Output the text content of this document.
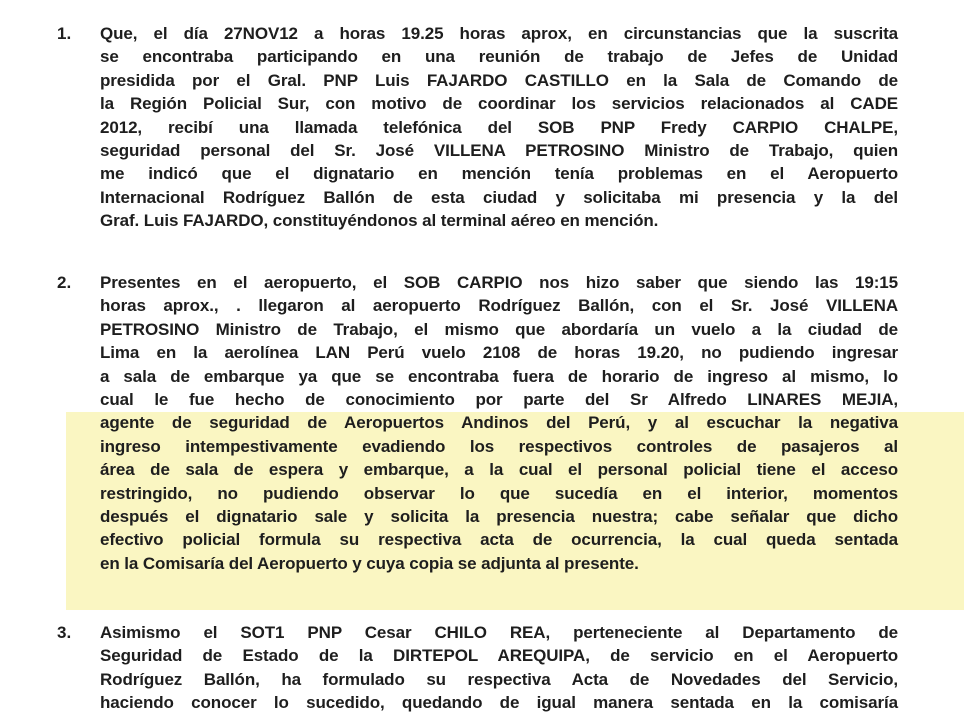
1. Que, el día 27NOV12 a horas 19.25 horas aprox, en circunstancias que la suscrita
se encontraba participando en una reunión de trabajo de Jefes de Unidad
presidida por el Gral. PNP Luis FAJARDO CASTILLO en la Sala de Comando de
la Región Policial Sur, con motivo de coordinar los servicios relacionados al CADE
2012, recibí una llamada telefónica del SOB PNP Fredy CARPIO CHALPE,
seguridad personal del Sr. José VILLENA PETROSINO Ministro de Trabajo, quien
me indicó que el dignatario en mención tenía problemas en el Aeropuerto
Internacional Rodríguez Ballón de esta ciudad y solicitaba mi presencia y la del
Graf. Luis FAJARDO, constituyéndonos al terminal aéreo en mención.
2. Presentes en el aeropuerto, el SOB CARPIO nos hizo saber que siendo las 19:15
horas aprox., . llegaron al aeropuerto Rodríguez Ballón, con el Sr. José VILLENA
PETROSINO Ministro de Trabajo, el mismo que abordaría un vuelo a la ciudad de
Lima en la aerolínea LAN Perú vuelo 2108 de horas 19.20, no pudiendo ingresar
a sala de embarque ya que se encontraba fuera de horario de ingreso al mismo, lo
cual le fue hecho de conocimiento por parte del Sr Alfredo LINARES MEJIA,
agente de seguridad de Aeropuertos Andinos del Perú, y al escuchar la negativa
ingreso intempestivamente evadiendo los respectivos controles de pasajeros al
área de sala de espera y embarque, a la cual el personal policial tiene el acceso
restringido, no pudiendo observar lo que sucedía en el interior, momentos
después el dignatario sale y solicita la presencia nuestra; cabe señalar que dicho
efectivo policial formula su respectiva acta de ocurrencia, la cual queda sentada
en la Comisaría del Aeropuerto y cuya copia se adjunta al presente.
3. Asimismo el SOT1 PNP Cesar CHILO REA, perteneciente al Departamento de
Seguridad de Estado de la DIRTEPOL AREQUIPA, de servicio en el Aeropuerto
Rodríguez Ballón, ha formulado su respectiva Acta de Novedades del Servicio,
haciendo conocer lo sucedido, quedando de igual manera sentada en la comisaría
